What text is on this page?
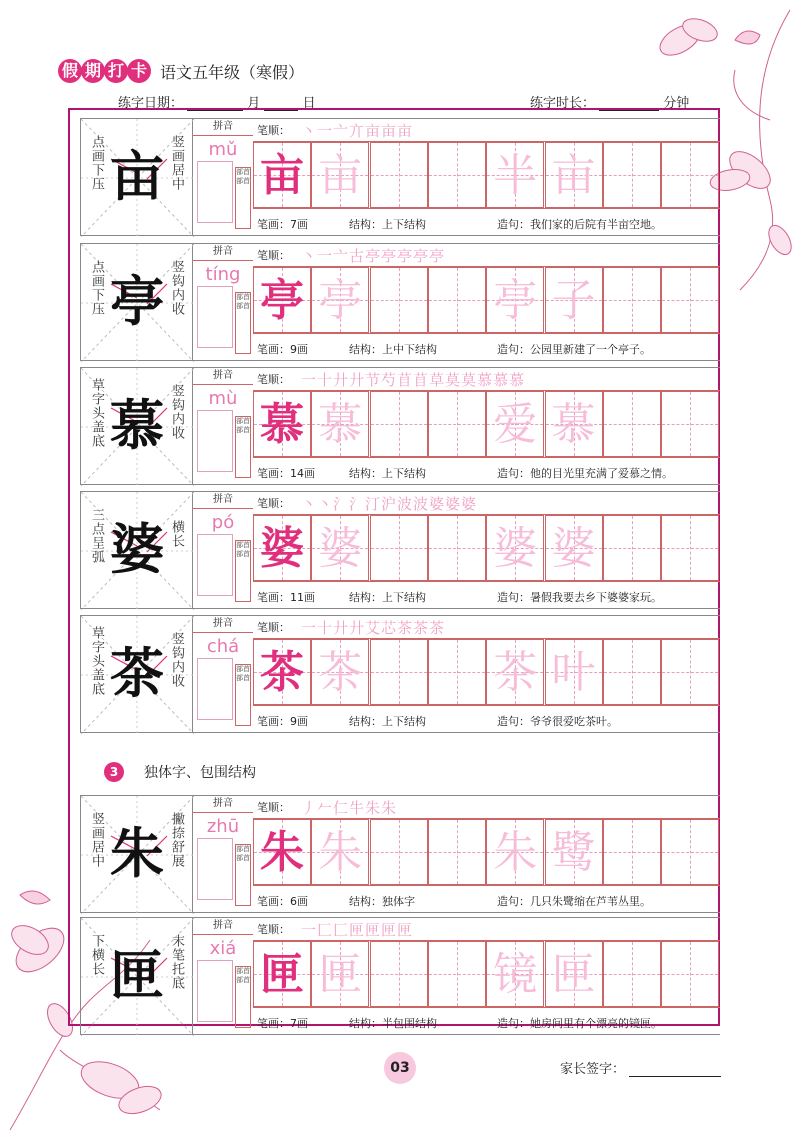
假 期 打 卡 语文五年级（寒假）
练字日期：	月	日	练字时长：	分钟
点画下压 亩 竖画居中
拼音
mǔ
部首部首
笔顺： 丶一亠亣亩亩亩
亩 亩	半 亩
笔画：7画	结构：上下结构	造句：我们家的后院有半亩空地。
点画下压 亭 竖钩内收
拼音
tíng
部首部首
笔顺： 丶一亠古亭亭亭亭亭
亭 亭	亭 子
笔画：9画	结构：上中下结构	造句：公园里新建了一个亭子。
草字头盖底 慕 竖钩内收
拼音
mù
部首部首
笔顺： 一十廾廾节芍苜苜草莫莫慕慕慕
慕 慕	爱 慕
笔画：14画	结构：上下结构	造句：他的目光里充满了爱慕之情。
三点呈弧 婆 横长
拼音
pó
部首部首
笔顺： 丶丶氵氵汀沪波波婆婆婆
婆 婆	婆 婆
笔画：11画	结构：上下结构	造句：暑假我要去乡下婆婆家玩。
草字头盖底 茶 竖钩内收
拼音
chá
部首部首
笔顺： 一十廾廾艾芯茶茶茶
茶 茶	茶 叶
笔画：9画	结构：上下结构	造句：爷爷很爱吃茶叶。
竖画居中 朱 撇捺舒展
拼音
zhū
部首部首
笔顺： 丿𠂉仁牛朱朱
朱 朱	朱 鹭
笔画：6画	结构：独体字	造句：几只朱鹭缩在芦苇丛里。
下横长 匣 末笔托底
拼音
xiá
部首部首
笔顺： 一匚匚匣匣匣匣
匣 匣	镜 匣
笔画：7画	结构：半包围结构	造句：她房间里有个漂亮的镜匣。
3	独体字、包围结构
03	家长签字：
